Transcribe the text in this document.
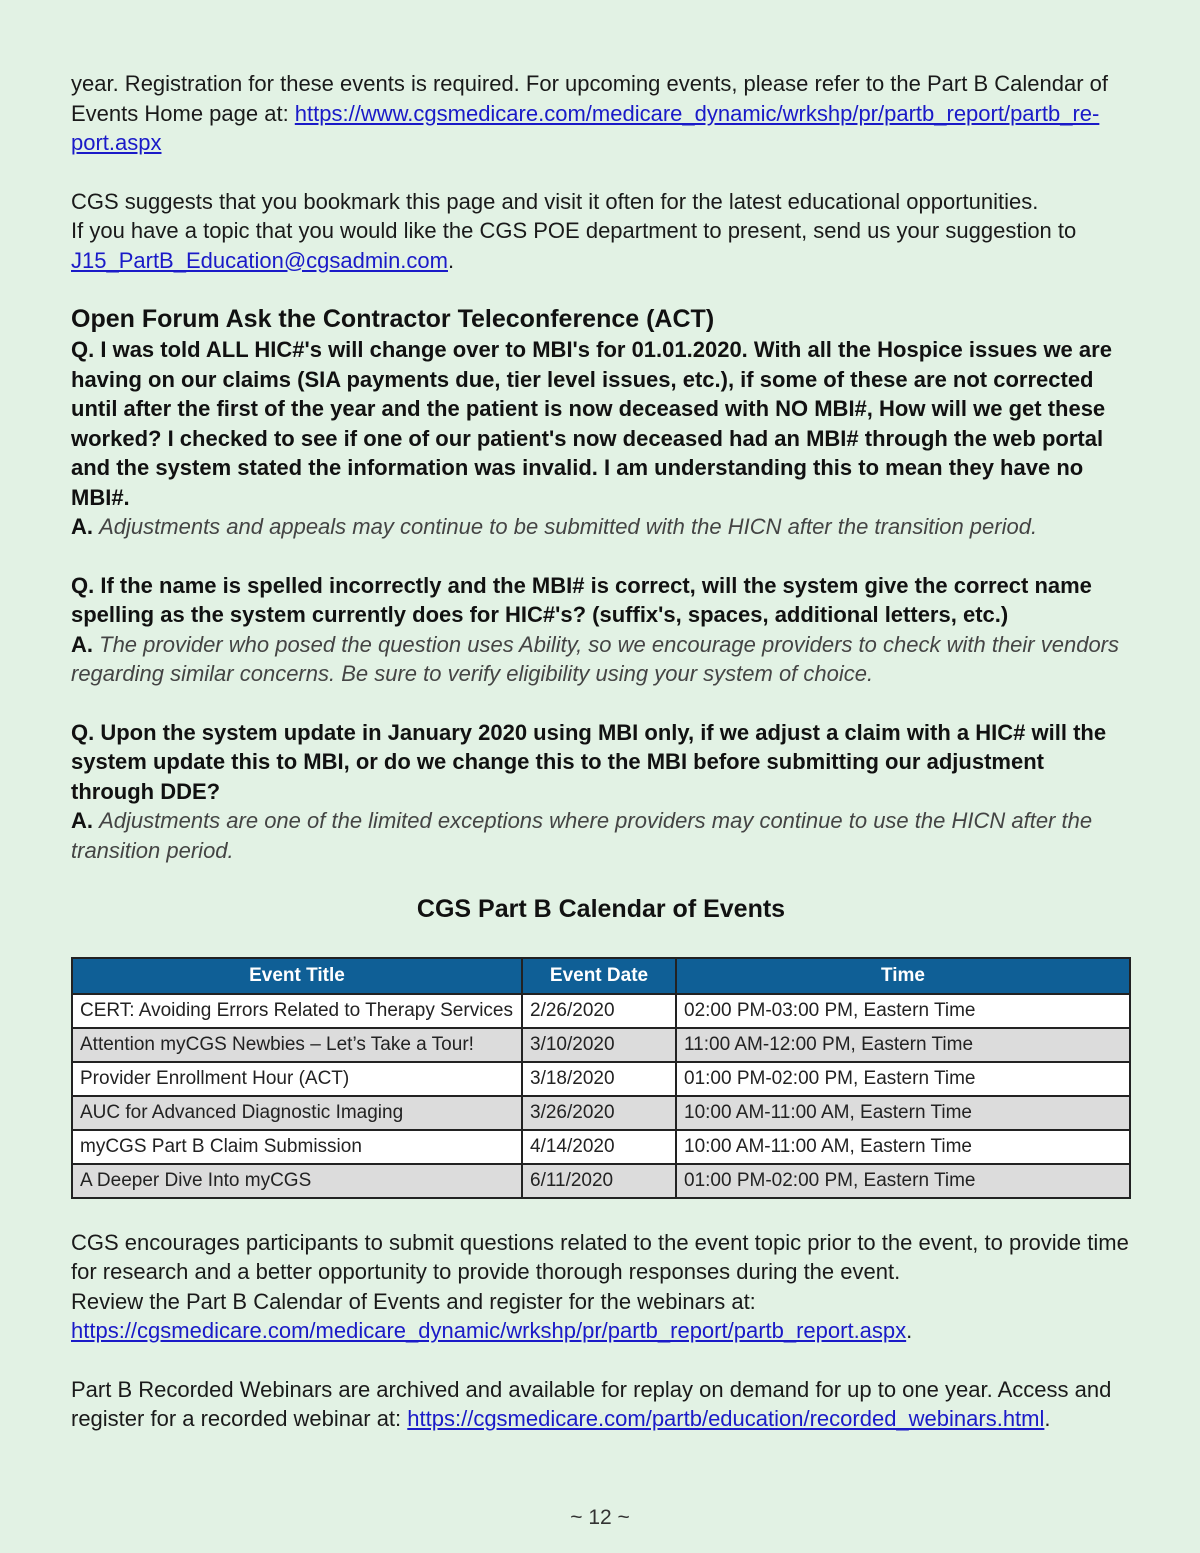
year. Registration for these events is required. For upcoming events, please refer to the Part B Calendar of Events Home page at: https://www.cgsmedicare.com/medicare_dynamic/wrkshp/pr/partb_report/partb_re-port.aspx

CGS suggests that you bookmark this page and visit it often for the latest educational opportunities.
If you have a topic that you would like the CGS POE department to present, send us your suggestion to
J15_PartB_Education@cgsadmin.com.

Open Forum Ask the Contractor Teleconference (ACT)

Q. I was told ALL HIC#'s will change over to MBI's for 01.01.2020. With all the Hospice issues we are having on our claims (SIA payments due, tier level issues, etc.), if some of these are not corrected until after the first of the year and the patient is now deceased with NO MBI#, How will we get these worked? I checked to see if one of our patient's now deceased had an MBI# through the web portal and the system stated the information was invalid. I am understanding this to mean they have no MBI#.

A. Adjustments and appeals may continue to be submitted with the HICN after the transition period.

Q. If the name is spelled incorrectly and the MBI# is correct, will the system give the correct name spelling as the system currently does for HIC#'s? (suffix's, spaces, additional letters, etc.)

A. The provider who posed the question uses Ability, so we encourage providers to check with their vendors regarding similar concerns. Be sure to verify eligibility using your system of choice.

Q. Upon the system update in January 2020 using MBI only, if we adjust a claim with a HIC# will the system update this to MBI, or do we change this to the MBI before submitting our adjustment through DDE?

A. Adjustments are one of the limited exceptions where providers may continue to use the HICN after the transition period.

CGS Part B Calendar of Events
Event Title	Event Date	Time
CERT: Avoiding Errors Related to Therapy Services	2/26/2020	02:00 PM-03:00 PM, Eastern Time
Attention myCGS Newbies – Let’s Take a Tour!	3/10/2020	11:00 AM-12:00 PM, Eastern Time
Provider Enrollment Hour (ACT)	3/18/2020	01:00 PM-02:00 PM, Eastern Time
AUC for Advanced Diagnostic Imaging	3/26/2020	10:00 AM-11:00 AM, Eastern Time
myCGS Part B Claim Submission	4/14/2020	10:00 AM-11:00 AM, Eastern Time
A Deeper Dive Into myCGS	6/11/2020	01:00 PM-02:00 PM, Eastern Time

CGS encourages participants to submit questions related to the event topic prior to the event, to provide time for research and a better opportunity to provide thorough responses during the event.
Review the Part B Calendar of Events and register for the webinars at: https://cgsmedicare.com/medicare_dynamic/wrkshp/pr/partb_report/partb_report.aspx.

Part B Recorded Webinars are archived and available for replay on demand for up to one year. Access and register for a recorded webinar at: https://cgsmedicare.com/partb/education/recorded_webinars.html.

~ 12 ~
